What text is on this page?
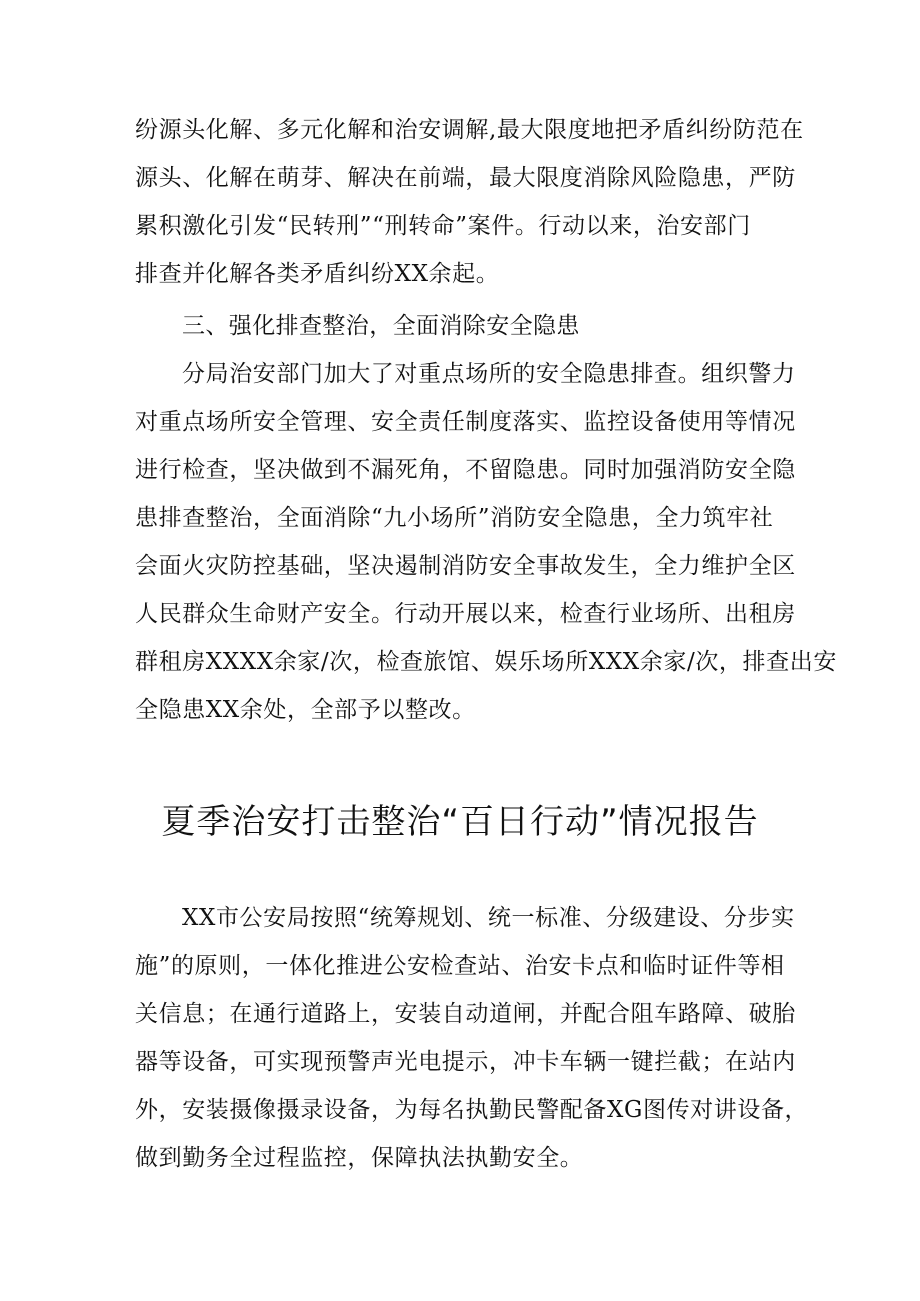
纷源头化解、多元化解和治安调解,最大限度地把矛盾纠纷防范在
源头、化解在萌芽、解决在前端，最大限度消除风险隐患，严防
累积激化引发“民转刑”“刑转命”案件。行动以来，治安部门
排查并化解各类矛盾纠纷XX余起。
三、强化排查整治，全面消除安全隐患
分局治安部门加大了对重点场所的安全隐患排查。组织警力
对重点场所安全管理、安全责任制度落实、监控设备使用等情况
进行检查，坚决做到不漏死角，不留隐患。同时加强消防安全隐
患排查整治，全面消除“九小场所”消防安全隐患，全力筑牢社
会面火灾防控基础，坚决遏制消防安全事故发生，全力维护全区
人民群众生命财产安全。行动开展以来，检查行业场所、出租房
群租房XXXX余家/次，检查旅馆、娱乐场所XXX余家/次，排查出安
全隐患XX余处，全部予以整改。
夏季治安打击整治“百日行动”情况报告
XX市公安局按照“统筹规划、统一标准、分级建设、分步实
施”的原则，一体化推进公安检查站、治安卡点和临时证件等相
关信息；在通行道路上，安装自动道闸，并配合阻车路障、破胎
器等设备，可实现预警声光电提示，冲卡车辆一键拦截；在站内
外，安装摄像摄录设备，为每名执勤民警配备XG图传对讲设备，
做到勤务全过程监控，保障执法执勤安全。
